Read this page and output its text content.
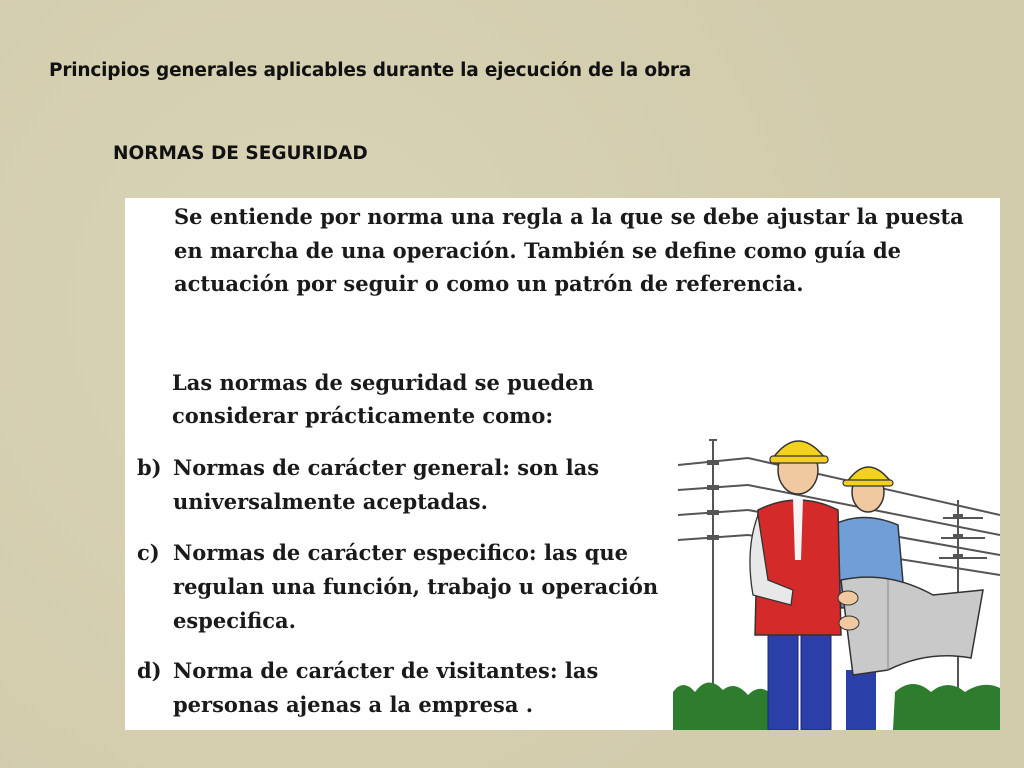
Principios generales aplicables durante la ejecución de la obra
NORMAS DE SEGURIDAD
Se entiende por norma una regla a la que se debe ajustar la puesta
en marcha de una operación. También se define como guía de
actuación por seguir o como un patrón de referencia.
Las normas de seguridad se pueden
considerar prácticamente como:
b) Normas de carácter general: son las
universalmente aceptadas.
c) Normas de carácter especifico: las que
regulan una función, trabajo u operación
especifica.
d) Norma de carácter de visitantes: las
personas ajenas a la empresa .
